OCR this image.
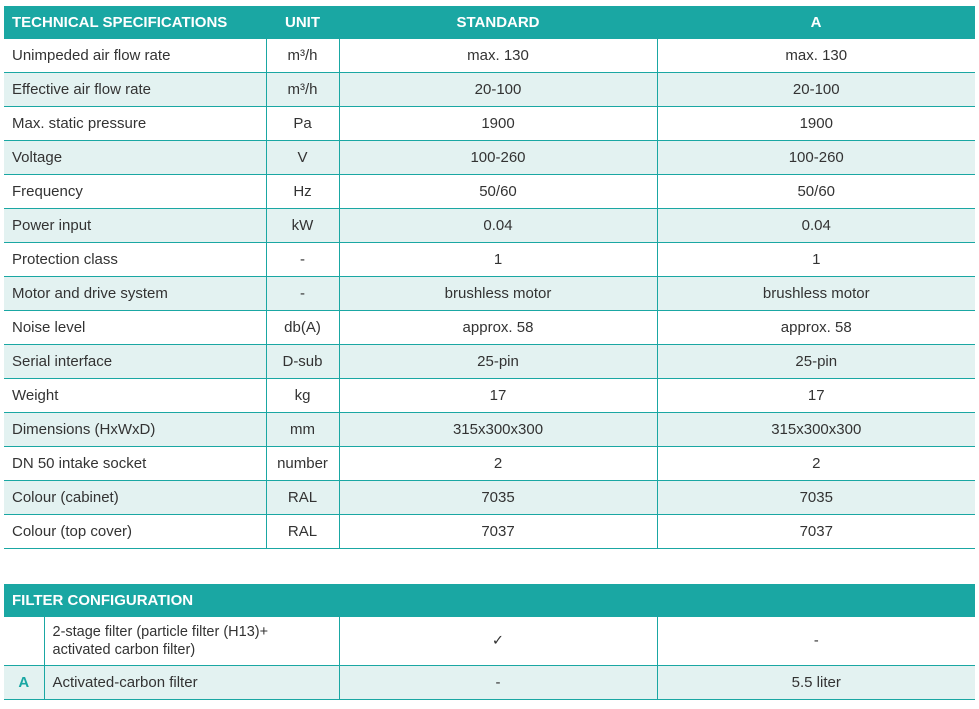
TECHNICAL SPECIFICATIONS	UNIT	STANDARD	A
Unimpeded air flow rate	m³/h	max. 130	max. 130
Effective air flow rate	m³/h	20-100	20-100
Max. static pressure	Pa	1900	1900
Voltage	V	100-260	100-260
Frequency	Hz	50/60	50/60
Power input	kW	0.04	0.04
Protection class	-	1	1
Motor and drive system	-	brushless motor	brushless motor
Noise level	db(A)	approx. 58	approx. 58
Serial interface	D-sub	25-pin	25-pin
Weight	kg	17	17
Dimensions (HxWxD)	mm	315x300x300	315x300x300
DN 50 intake socket	number	2	2
Colour (cabinet)	RAL	7035	7035
Colour (top cover)	RAL	7037	7037
FILTER CONFIGURATION			

	2-stage filter (particle filter (H13)+
activated carbon filter)	✓	-
A	Activated-carbon filter	-	5.5 liter
